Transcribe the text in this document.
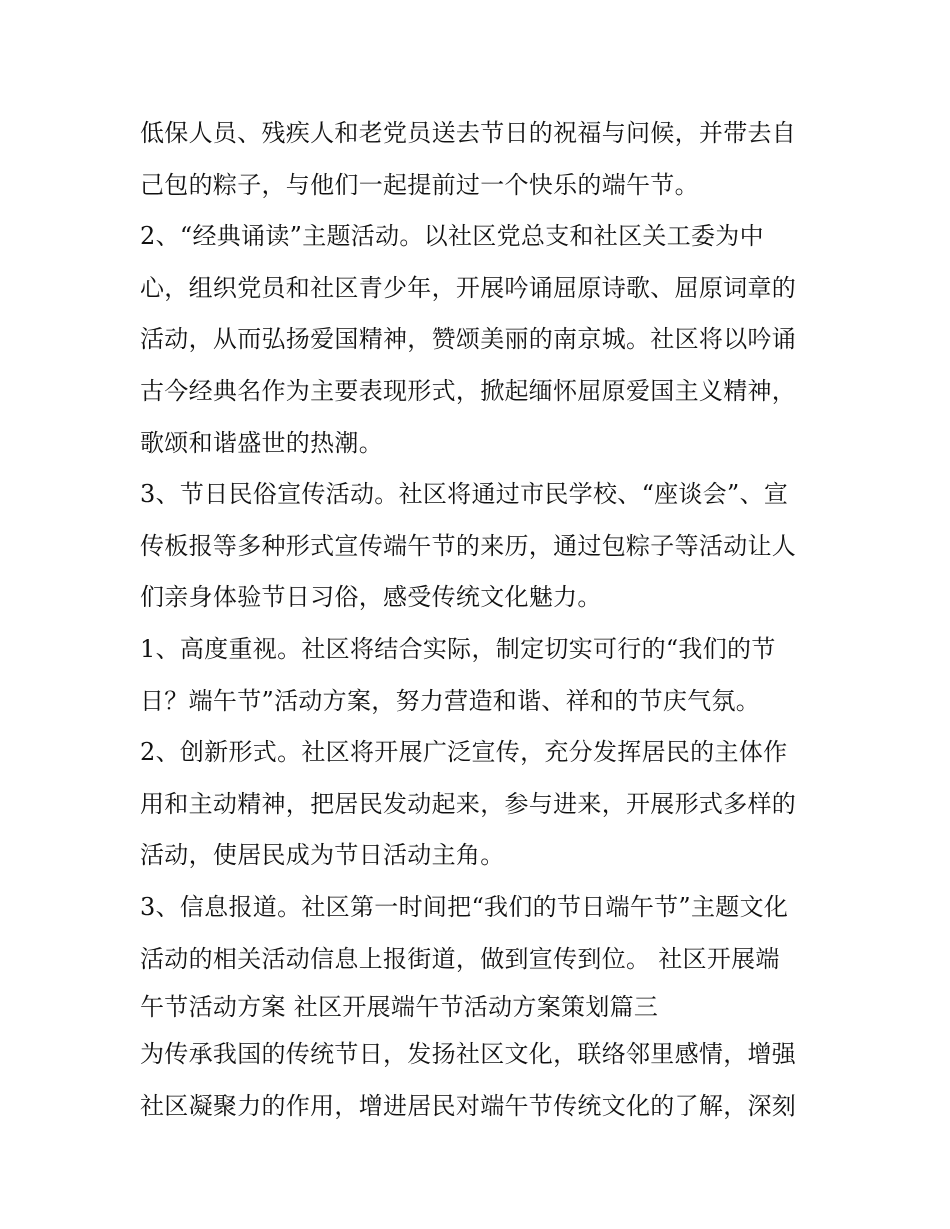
低保人员、残疾人和老党员送去节日的祝福与问候，并带去自
己包的粽子，与他们一起提前过一个快乐的端午节。
2、“经典诵读”主题活动。以社区党总支和社区关工委为中
心，组织党员和社区青少年，开展吟诵屈原诗歌、屈原词章的
活动，从而弘扬爱国精神，赞颂美丽的南京城。社区将以吟诵
古今经典名作为主要表现形式，掀起缅怀屈原爱国主义精神，
歌颂和谐盛世的热潮。
3、节日民俗宣传活动。社区将通过市民学校、“座谈会”、宣
传板报等多种形式宣传端午节的来历，通过包粽子等活动让人
们亲身体验节日习俗，感受传统文化魅力。
1、高度重视。社区将结合实际，制定切实可行的“我们的节
日？端午节”活动方案，努力营造和谐、祥和的节庆气氛。
2、创新形式。社区将开展广泛宣传，充分发挥居民的主体作
用和主动精神，把居民发动起来，参与进来，开展形式多样的
活动，使居民成为节日活动主角。
3、信息报道。社区第一时间把“我们的节日端午节”主题文化
活动的相关活动信息上报街道，做到宣传到位。 社区开展端
午节活动方案 社区开展端午节活动方案策划篇三
为传承我国的传统节日，发扬社区文化，联络邻里感情，增强
社区凝聚力的作用，增进居民对端午节传统文化的了解，深刻
